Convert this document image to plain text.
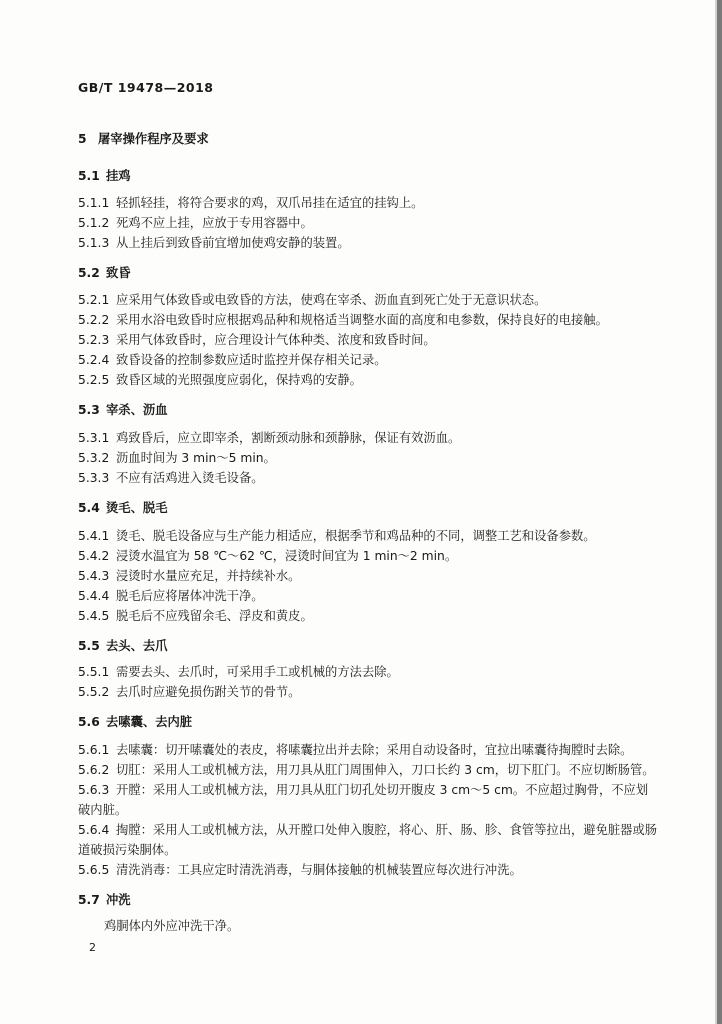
GB/T 19478—2018
5 屠宰操作程序及要求
5.1 挂鸡
5.1.1 轻抓轻挂，将符合要求的鸡，双爪吊挂在适宜的挂钩上。
5.1.2 死鸡不应上挂，应放于专用容器中。
5.1.3 从上挂后到致昏前宜增加使鸡安静的装置。
5.2 致昏
5.2.1 应采用气体致昏或电致昏的方法，使鸡在宰杀、沥血直到死亡处于无意识状态。
5.2.2 采用水浴电致昏时应根据鸡品种和规格适当调整水面的高度和电参数，保持良好的电接触。
5.2.3 采用气体致昏时，应合理设计气体种类、浓度和致昏时间。
5.2.4 致昏设备的控制参数应适时监控并保存相关记录。
5.2.5 致昏区域的光照强度应弱化，保持鸡的安静。
5.3 宰杀、沥血
5.3.1 鸡致昏后，应立即宰杀，割断颈动脉和颈静脉，保证有效沥血。
5.3.2 沥血时间为 3 min～5 min。
5.3.3 不应有活鸡进入烫毛设备。
5.4 烫毛、脱毛
5.4.1 烫毛、脱毛设备应与生产能力相适应，根据季节和鸡品种的不同，调整工艺和设备参数。
5.4.2 浸烫水温宜为 58 ℃～62 ℃，浸烫时间宜为 1 min～2 min。
5.4.3 浸烫时水量应充足，并持续补水。
5.4.4 脱毛后应将屠体冲洗干净。
5.4.5 脱毛后不应残留余毛、浮皮和黄皮。
5.5 去头、去爪
5.5.1 需要去头、去爪时，可采用手工或机械的方法去除。
5.5.2 去爪时应避免损伤跗关节的骨节。
5.6 去嗉囊、去内脏
5.6.1 去嗉囊：切开嗉囊处的表皮，将嗉囊拉出并去除；采用自动设备时，宜拉出嗉囊待掏膛时去除。
5.6.2 切肛：采用人工或机械方法，用刀具从肛门周围伸入，刀口长约 3 cm，切下肛门。不应切断肠管。
5.6.3 开膛：采用人工或机械方法，用刀具从肛门切孔处切开腹皮 3 cm～5 cm。不应超过胸骨，不应划
破内脏。
5.6.4 掏膛：采用人工或机械方法，从开膛口处伸入腹腔，将心、肝、肠、胗、食管等拉出，避免脏器或肠
道破损污染胴体。
5.6.5 清洗消毒：工具应定时清洗消毒，与胴体接触的机械装置应每次进行冲洗。
5.7 冲洗
鸡胴体内外应冲洗干净。
2
